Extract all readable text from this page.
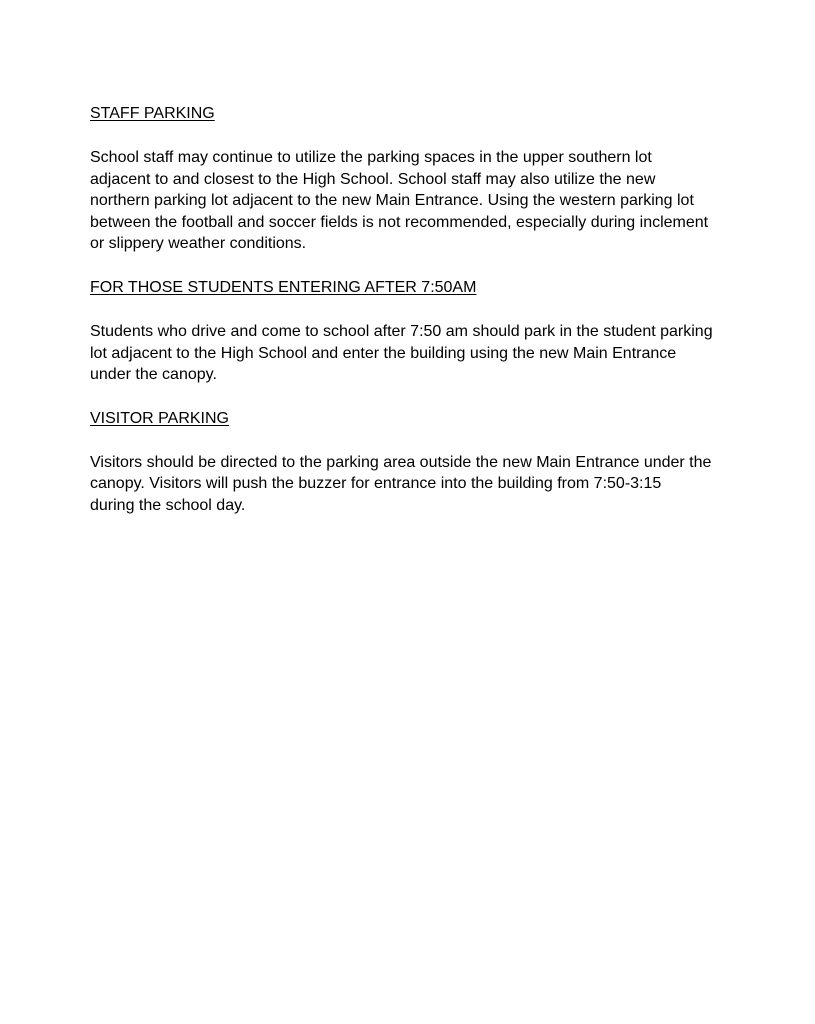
STAFF PARKING

School staff may continue to utilize the parking spaces in the upper southern lot
adjacent to and closest to the High School. School staff may also utilize the new
northern parking lot adjacent to the new Main Entrance. Using the western parking lot
between the football and soccer fields is not recommended, especially during inclement
or slippery weather conditions.

FOR THOSE STUDENTS ENTERING AFTER 7:50AM

Students who drive and come to school after 7:50 am should park in the student parking
lot adjacent to the High School and enter the building using the new Main Entrance
under the canopy.

VISITOR PARKING

Visitors should be directed to the parking area outside the new Main Entrance under the
canopy. Visitors will push the buzzer for entrance into the building from 7:50-3:15
during the school day.
